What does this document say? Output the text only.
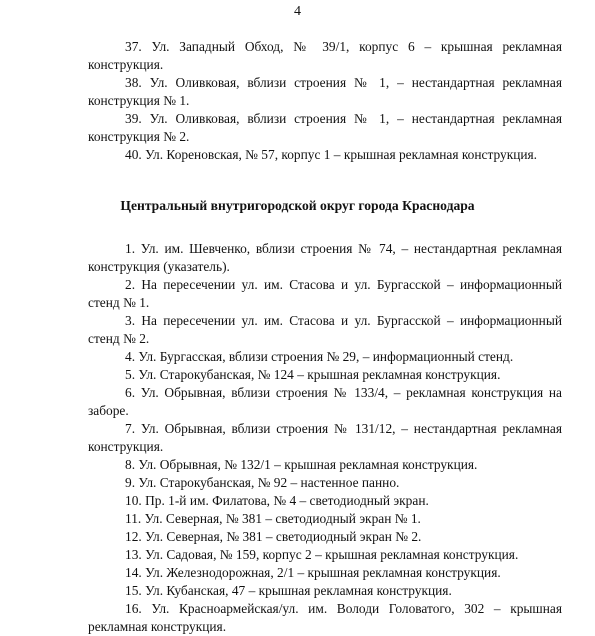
4

37. Ул. Западный Обход, № 39/1, корпус 6 – крышная рекламная конструкция.

38. Ул. Оливковая, вблизи строения № 1, – нестандартная рекламная конструкция № 1.

39. Ул. Оливковая, вблизи строения № 1, – нестандартная рекламная конструкция № 2.

40. Ул. Кореновская, № 57, корпус 1 – крышная рекламная конструкция.

Центральный внутригородской округ города Краснодара

1. Ул. им. Шевченко, вблизи строения № 74, – нестандартная рекламная конструкция (указатель).

2. На пересечении ул. им. Стасова и ул. Бургасской – информационный стенд № 1.

3. На пересечении ул. им. Стасова и ул. Бургасской – информационный стенд № 2.

4. Ул. Бургасская, вблизи строения № 29, – информационный стенд.

5. Ул. Старокубанская, № 124 – крышная рекламная конструкция.

6. Ул. Обрывная, вблизи строения № 133/4, – рекламная конструкция на заборе.

7. Ул. Обрывная, вблизи строения № 131/12, – нестандартная рекламная конструкция.

8. Ул. Обрывная, № 132/1 – крышная рекламная конструкция.

9. Ул. Старокубанская, № 92 – настенное панно.

10. Пр. 1-й им. Филатова, № 4 – светодиодный экран.

11. Ул. Северная, № 381 – светодиодный экран № 1.

12. Ул. Северная, № 381 – светодиодный экран № 2.

13. Ул. Садовая, № 159, корпус 2 – крышная рекламная конструкция.

14. Ул. Железнодорожная, 2/1 – крышная рекламная конструкция.

15. Ул. Кубанская, 47 – крышная рекламная конструкция.

16. Ул. Красноармейская/ул. им. Володи Головатого, 302 – крышная рекламная конструкция.
